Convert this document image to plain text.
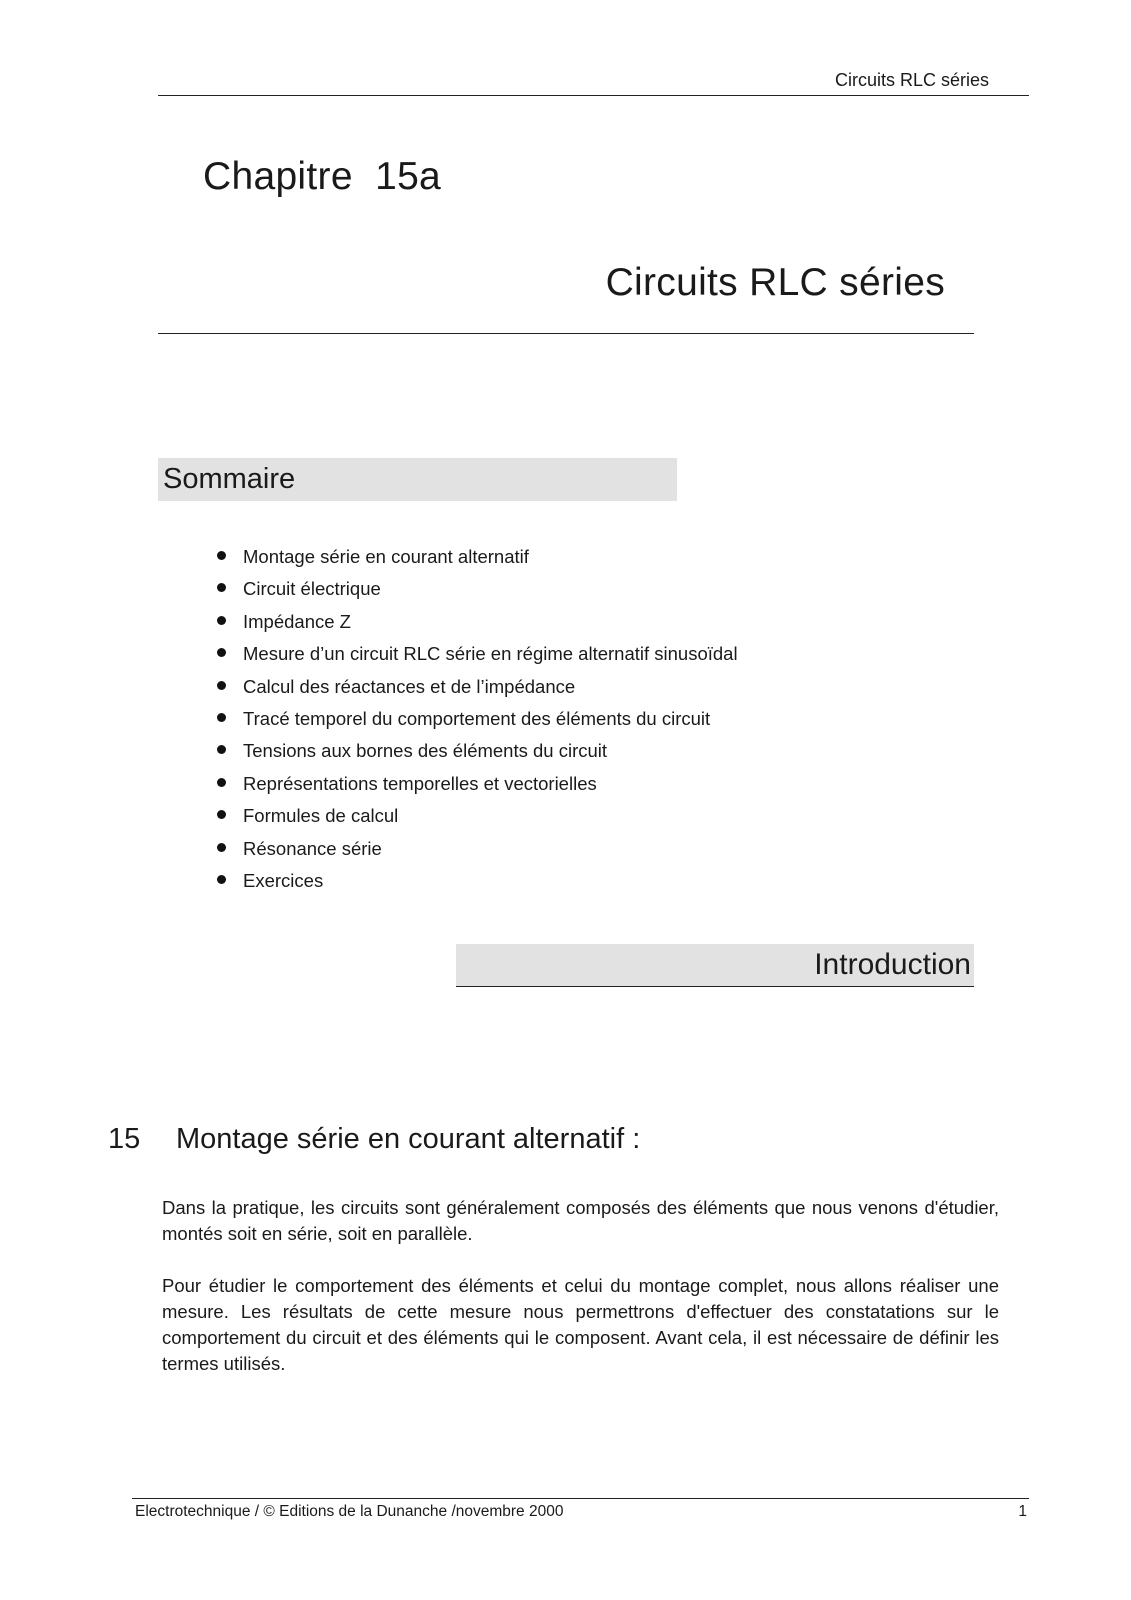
Circuits RLC séries
Chapitre  15a
Circuits RLC séries
Sommaire
Montage série en courant alternatif
Circuit électrique
Impédance Z
Mesure d’un circuit RLC série en régime alternatif sinusoïdal
Calcul des réactances et de l’impédance
Tracé temporel du comportement des éléments du circuit
Tensions aux bornes des éléments du circuit
Représentations temporelles et vectorielles
Formules de calcul
Résonance série
Exercices
Introduction
15 Montage série en courant alternatif :

Dans la pratique, les circuits sont généralement composés des éléments que nous venons d'étudier, montés soit en série, soit en parallèle.

Pour étudier le comportement des éléments et celui du montage complet, nous allons réaliser une mesure. Les résultats de cette mesure nous permettrons d'effectuer des constatations sur le comportement du circuit et des éléments qui le composent. Avant cela, il est nécessaire de définir les termes utilisés.

Electrotechnique / © Editions de la Dunanche /novembre 2000	1
